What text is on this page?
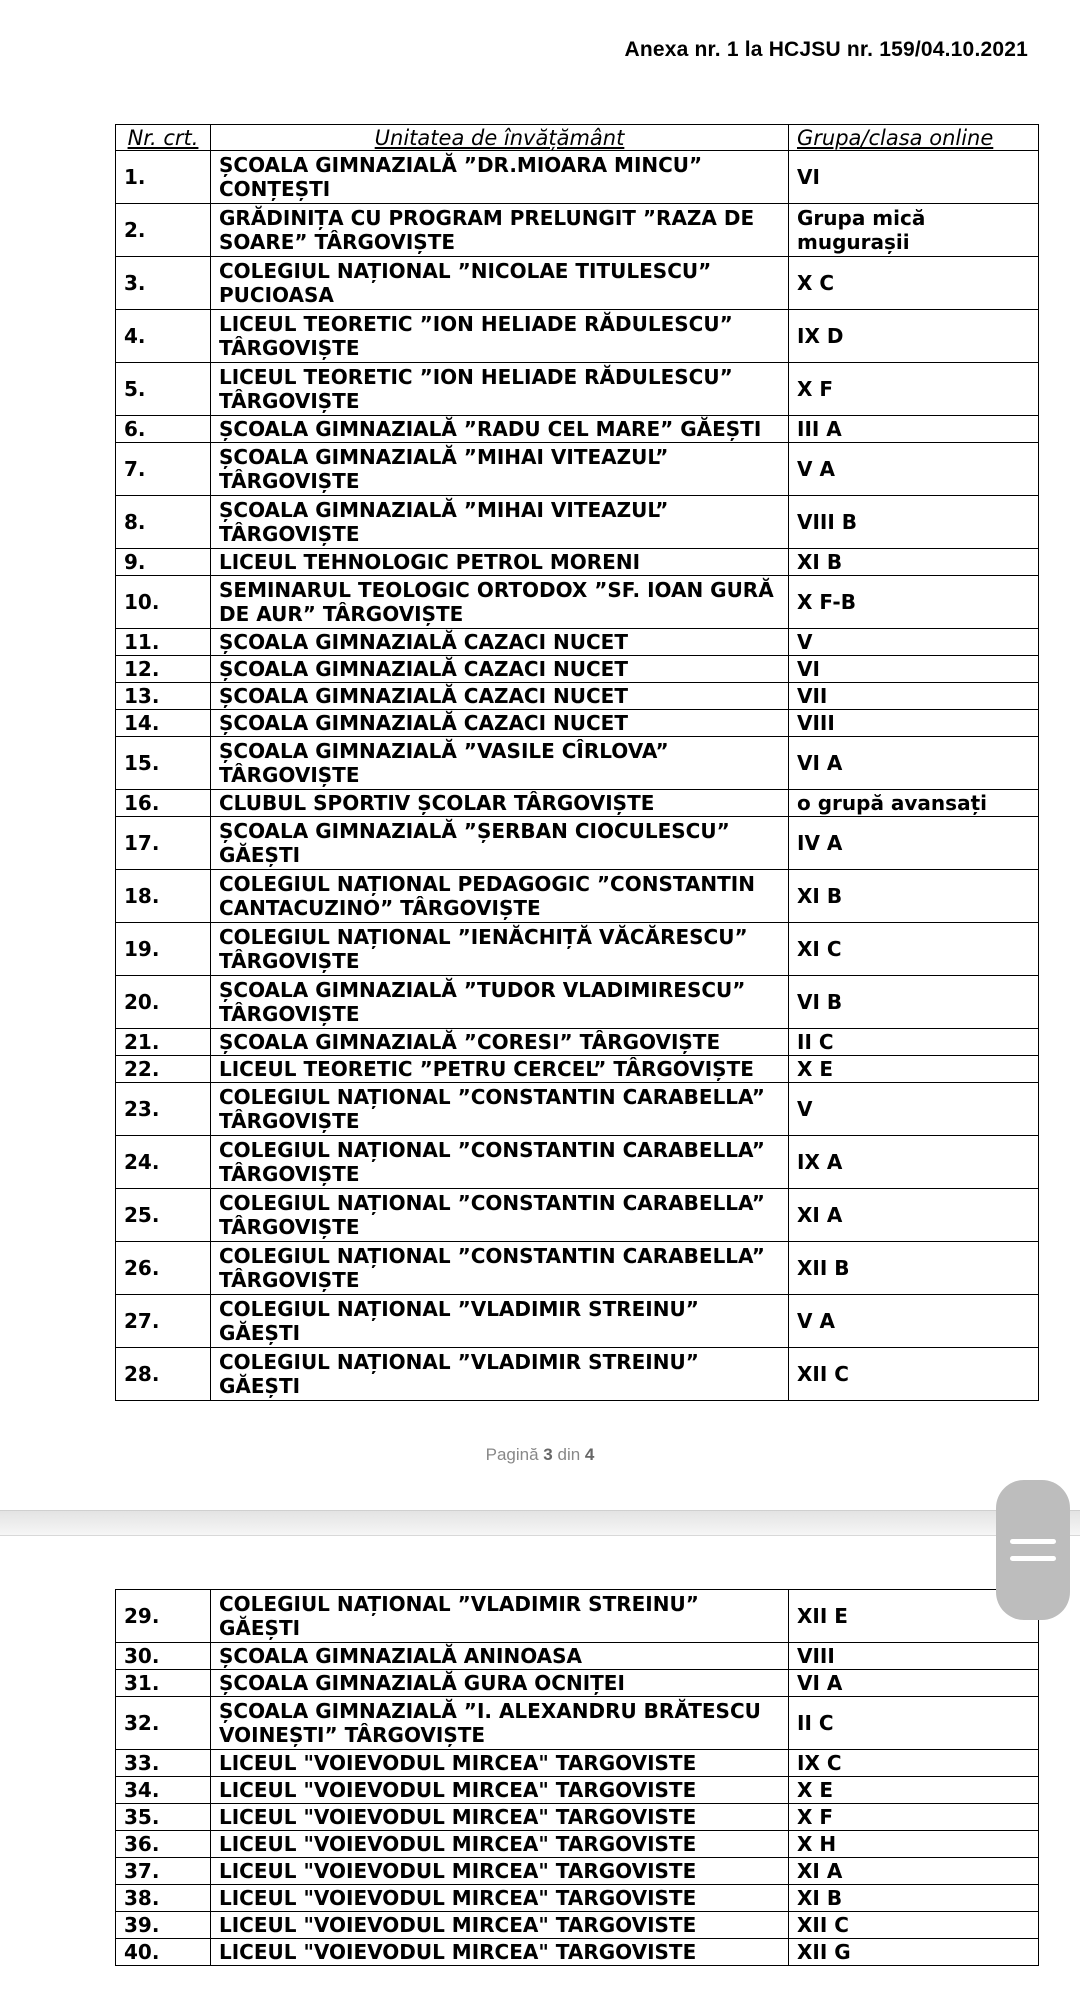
Anexa nr. 1 la HCJSU nr. 159/04.10.2021
Nr. crt.	Unitatea de învățământ	Grupa/clasa online
1.	ȘCOALA GIMNAZIALĂ ”DR.MIOARA MINCU” CONȚEȘTI	VI
2.	GRĂDINIȚA CU PROGRAM PRELUNGIT ”RAZA DE SOARE” TÂRGOVIȘTE	Grupa mică mugurașii
3.	COLEGIUL NAȚIONAL ”NICOLAE TITULESCU” PUCIOASA	X C
4.	LICEUL TEORETIC ”ION HELIADE RĂDULESCU” TÂRGOVIȘTE	IX D
5.	LICEUL TEORETIC ”ION HELIADE RĂDULESCU” TÂRGOVIȘTE	X F
6.	ȘCOALA GIMNAZIALĂ ”RADU CEL MARE” GĂEȘTI	III A
7.	ȘCOALA GIMNAZIALĂ ”MIHAI VITEAZUL” TÂRGOVIȘTE	V A
8.	ȘCOALA GIMNAZIALĂ ”MIHAI VITEAZUL” TÂRGOVIȘTE	VIII B
9.	LICEUL TEHNOLOGIC PETROL MORENI	XI B
10.	SEMINARUL TEOLOGIC ORTODOX ”SF. IOAN GURĂ DE AUR” TÂRGOVIȘTE	X F-B
11.	ȘCOALA GIMNAZIALĂ CAZACI NUCET	V
12.	ȘCOALA GIMNAZIALĂ CAZACI NUCET	VI
13.	ȘCOALA GIMNAZIALĂ CAZACI NUCET	VII
14.	ȘCOALA GIMNAZIALĂ CAZACI NUCET	VIII
15.	ȘCOALA GIMNAZIALĂ ”VASILE CÎRLOVA” TÂRGOVIȘTE	VI A
16.	CLUBUL SPORTIV ȘCOLAR TÂRGOVIȘTE	o grupă avansați
17.	ȘCOALA GIMNAZIALĂ ”ȘERBAN CIOCULESCU” GĂEȘTI	IV A
18.	COLEGIUL NAȚIONAL PEDAGOGIC ”CONSTANTIN CANTACUZINO” TÂRGOVIȘTE	XI B
19.	COLEGIUL NAȚIONAL ”IENĂCHIȚĂ VĂCĂRESCU” TÂRGOVIȘTE	XI C
20.	ȘCOALA GIMNAZIALĂ ”TUDOR VLADIMIRESCU” TÂRGOVIȘTE	VI B
21.	ȘCOALA GIMNAZIALĂ ”CORESI” TÂRGOVIȘTE	II C
22.	LICEUL TEORETIC ”PETRU CERCEL” TÂRGOVIȘTE	X E
23.	COLEGIUL NAȚIONAL ”CONSTANTIN CARABELLA” TÂRGOVIȘTE	V
24.	COLEGIUL NAȚIONAL ”CONSTANTIN CARABELLA” TÂRGOVIȘTE	IX A
25.	COLEGIUL NAȚIONAL ”CONSTANTIN CARABELLA” TÂRGOVIȘTE	XI A
26.	COLEGIUL NAȚIONAL ”CONSTANTIN CARABELLA” TÂRGOVIȘTE	XII B
27.	COLEGIUL NAȚIONAL ”VLADIMIR STREINU” GĂEȘTI	V A
28.	COLEGIUL NAȚIONAL ”VLADIMIR STREINU” GĂEȘTI	XII C
Pagină 3 din 4
29.	COLEGIUL NAȚIONAL ”VLADIMIR STREINU” GĂEȘTI	XII E
30.	ȘCOALA GIMNAZIALĂ ANINOASA	VIII
31.	ȘCOALA GIMNAZIALĂ GURA OCNIȚEI	VI A
32.	ȘCOALA GIMNAZIALĂ ”I. ALEXANDRU BRĂTESCU VOINEȘTI” TÂRGOVIȘTE	II C
33.	LICEUL "VOIEVODUL MIRCEA" TARGOVISTE	IX C
34.	LICEUL "VOIEVODUL MIRCEA" TARGOVISTE	X E
35.	LICEUL "VOIEVODUL MIRCEA" TARGOVISTE	X F
36.	LICEUL "VOIEVODUL MIRCEA" TARGOVISTE	X H
37.	LICEUL "VOIEVODUL MIRCEA" TARGOVISTE	XI A
38.	LICEUL "VOIEVODUL MIRCEA" TARGOVISTE	XI B
39.	LICEUL "VOIEVODUL MIRCEA" TARGOVISTE	XII C
40.	LICEUL "VOIEVODUL MIRCEA" TARGOVISTE	XII G
